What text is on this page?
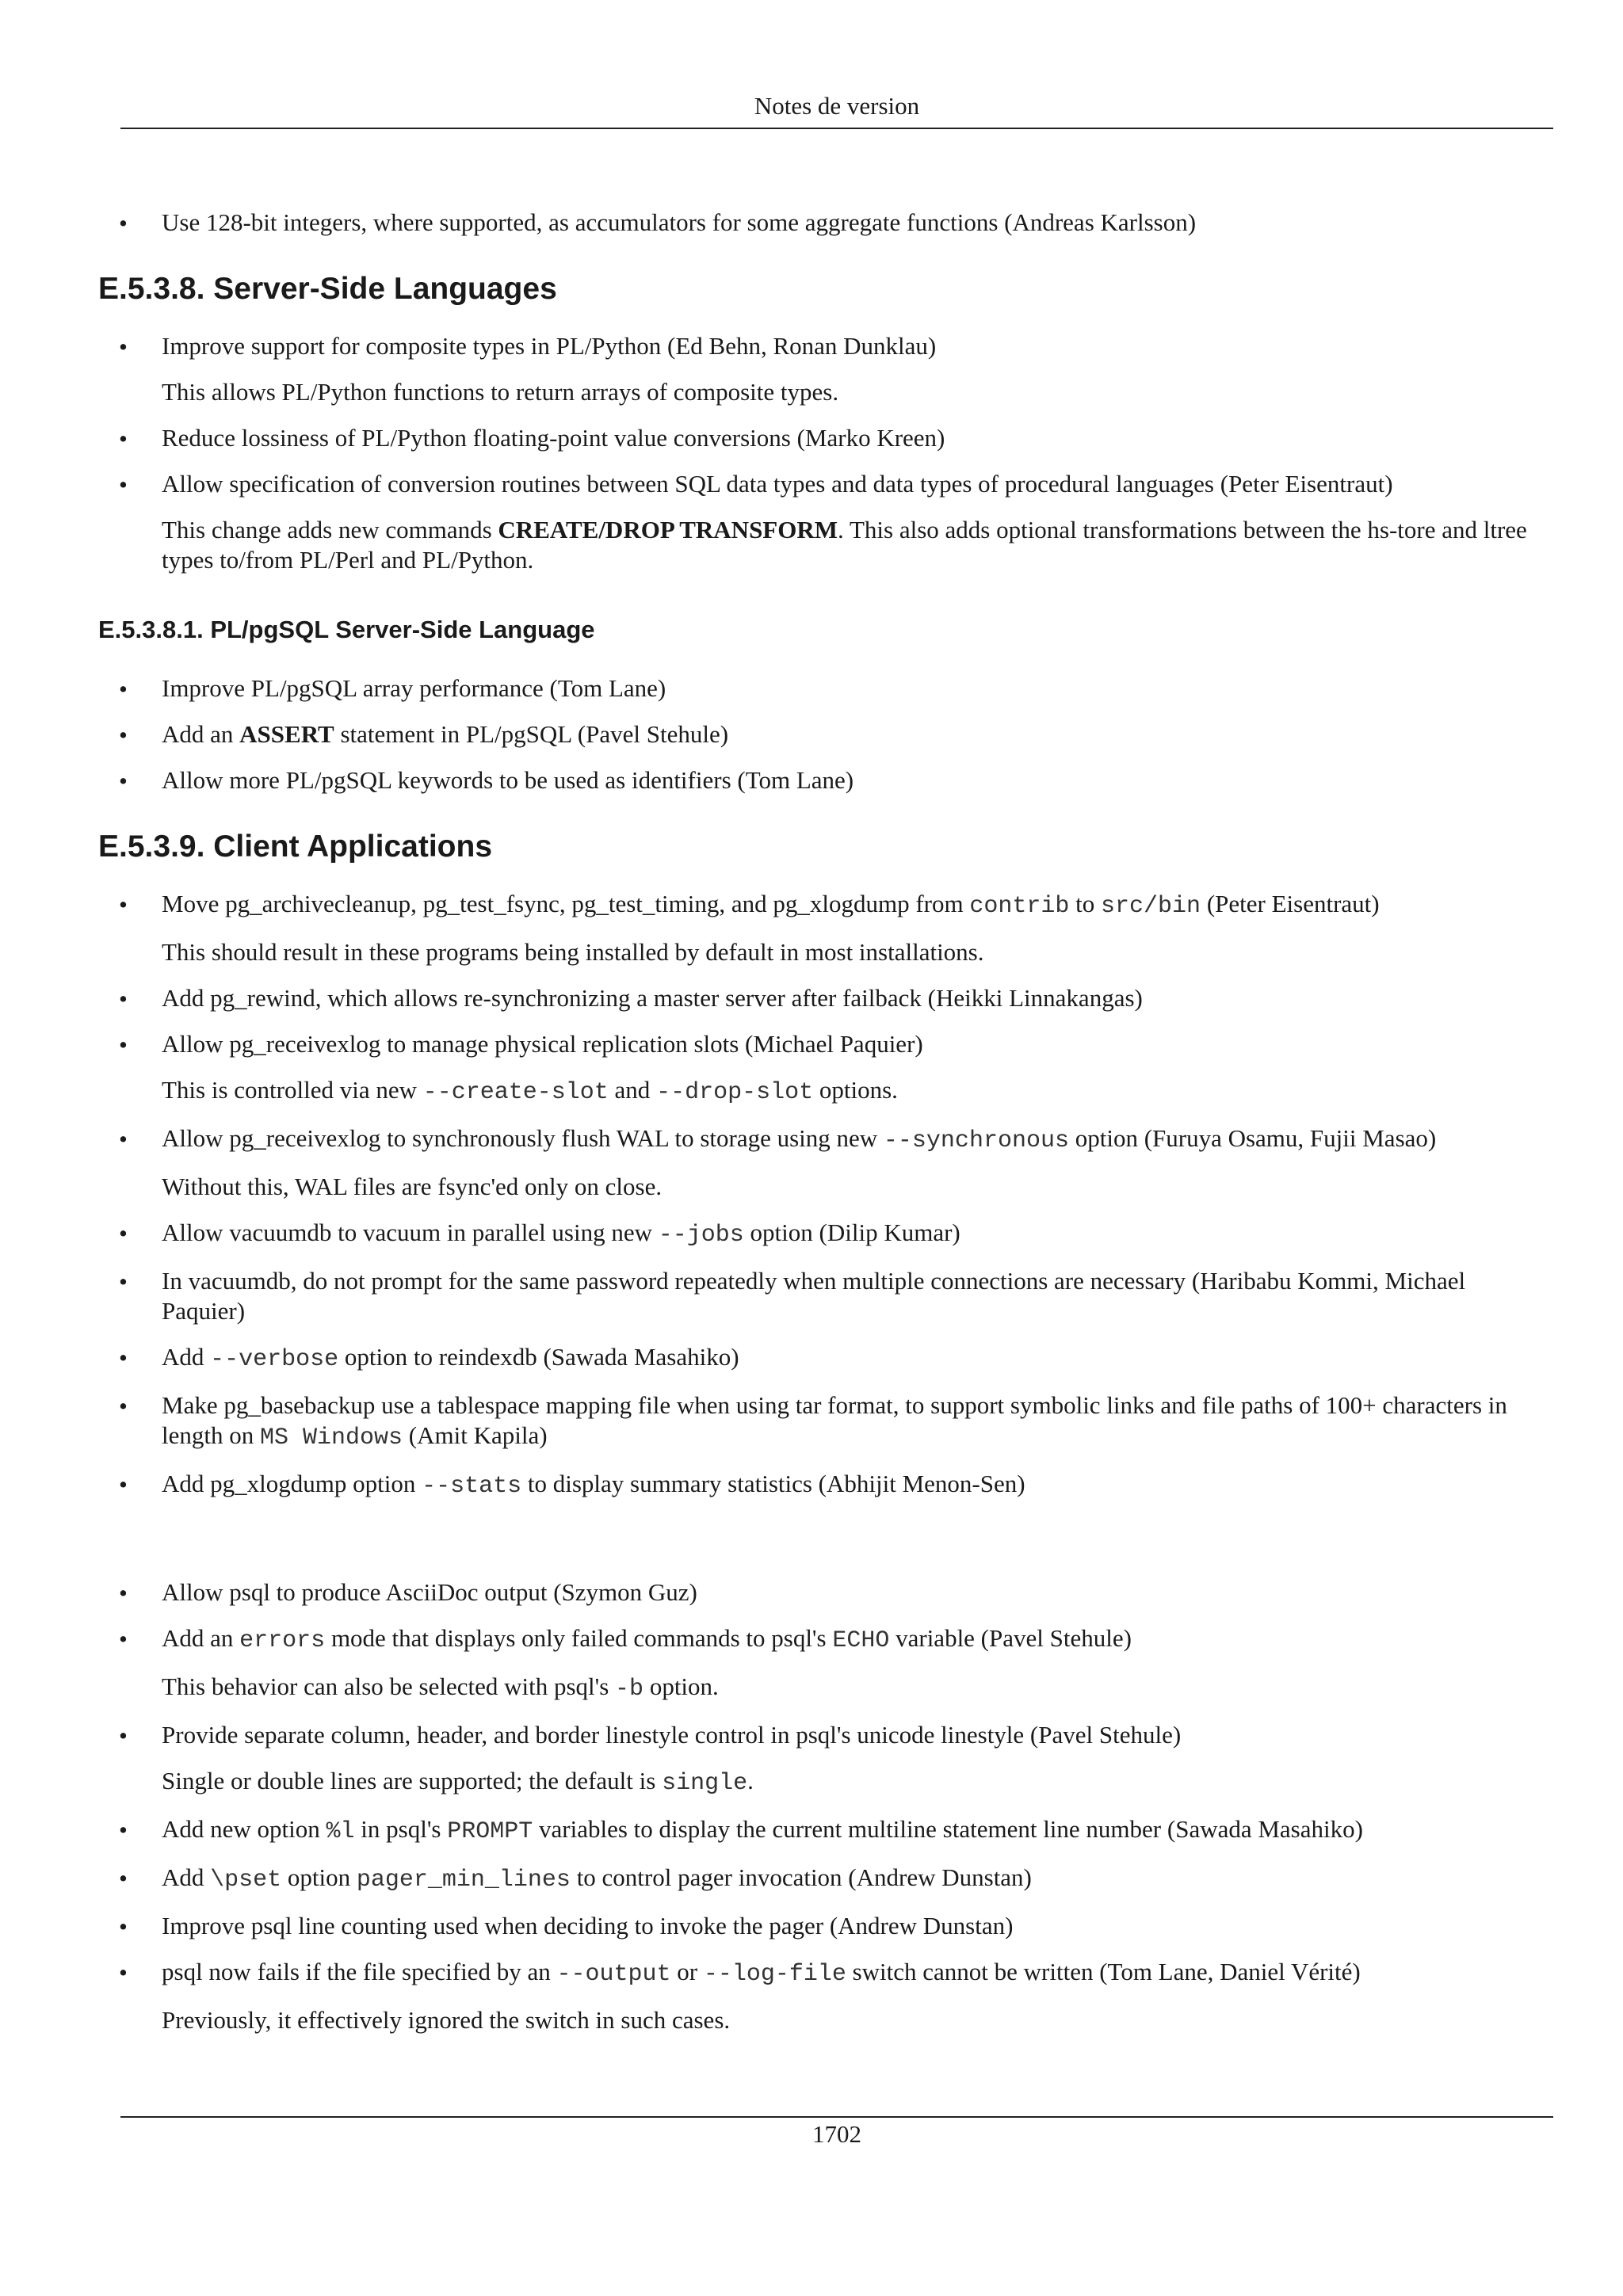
Notes de version
• Use 128-bit integers, where supported, as accumulators for some aggregate functions (Andreas Karlsson)

E.5.3.8. Server-Side Languages
• Improve support for composite types in PL/Python (Ed Behn, Ronan Dunklau)

This allows PL/Python functions to return arrays of composite types.

• Reduce lossiness of PL/Python floating-point value conversions (Marko Kreen)

• Allow specification of conversion routines between SQL data types and data types of procedural languages (Peter Eisentraut)

This change adds new commands CREATE/DROP TRANSFORM. This also adds optional transformations between the hs-tore and ltree types to/from PL/Perl and PL/Python.

E.5.3.8.1. PL/pgSQL Server-Side Language
• Improve PL/pgSQL array performance (Tom Lane)

• Add an ASSERT statement in PL/pgSQL (Pavel Stehule)

• Allow more PL/pgSQL keywords to be used as identifiers (Tom Lane)

E.5.3.9. Client Applications
• Move pg_archivecleanup, pg_test_fsync, pg_test_timing, and pg_xlogdump from contrib to src/bin (Peter Eisentraut)

This should result in these programs being installed by default in most installations.

• Add pg_rewind, which allows re-synchronizing a master server after failback (Heikki Linnakangas)

• Allow pg_receivexlog to manage physical replication slots (Michael Paquier)

This is controlled via new --create-slot and --drop-slot options.

• Allow pg_receivexlog to synchronously flush WAL to storage using new --synchronous option (Furuya Osamu, Fujii Masao)

Without this, WAL files are fsync'ed only on close.

• Allow vacuumdb to vacuum in parallel using new --jobs option (Dilip Kumar)

• In vacuumdb, do not prompt for the same password repeatedly when multiple connections are necessary (Haribabu Kommi, Michael Paquier)

• Add --verbose option to reindexdb (Sawada Masahiko)

• Make pg_basebackup use a tablespace mapping file when using tar format, to support symbolic links and file paths of 100+ characters in length on MS Windows (Amit Kapila)

• Add pg_xlogdump option --stats to display summary statistics (Abhijit Menon-Sen)

• Allow psql to produce AsciiDoc output (Szymon Guz)

• Add an errors mode that displays only failed commands to psql's ECHO variable (Pavel Stehule)

This behavior can also be selected with psql's -b option.

• Provide separate column, header, and border linestyle control in psql's unicode linestyle (Pavel Stehule)

Single or double lines are supported; the default is single.

• Add new option %l in psql's PROMPT variables to display the current multiline statement line number (Sawada Masahiko)

• Add \pset option pager_min_lines to control pager invocation (Andrew Dunstan)

• Improve psql line counting used when deciding to invoke the pager (Andrew Dunstan)

• psql now fails if the file specified by an --output or --log-file switch cannot be written (Tom Lane, Daniel Vérité)

Previously, it effectively ignored the switch in such cases.

1702
